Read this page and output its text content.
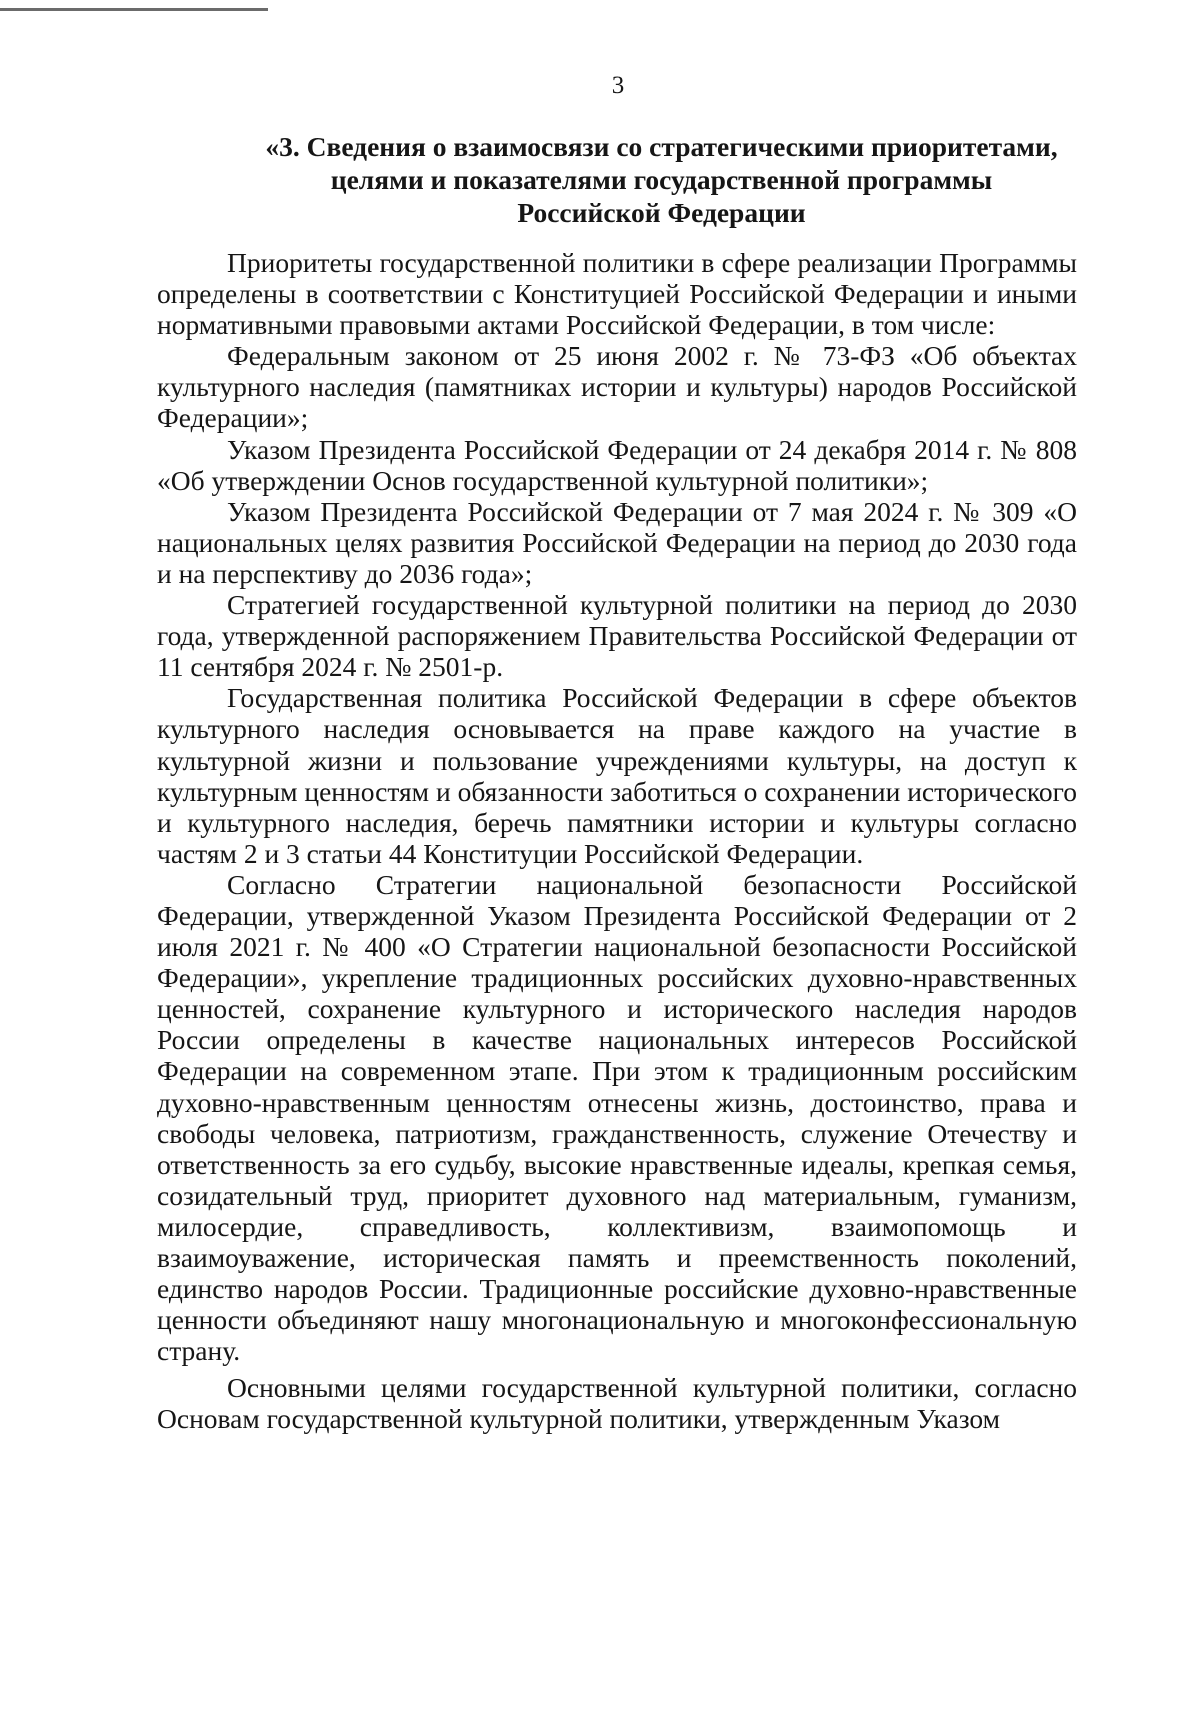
3
«3. Сведения о взаимосвязи со стратегическими приоритетами,
целями и показателями государственной программы
Российской Федерации

Приоритеты государственной политики в сфере реализации Программы определены в соответствии с Конституцией Российской Федерации и иными нормативными правовыми актами Российской Федерации, в том числе:

Федеральным законом от 25 июня 2002 г. № 73-ФЗ «Об объектах культурного наследия (памятниках истории и культуры) народов Российской Федерации»;

Указом Президента Российской Федерации от 24 декабря 2014 г. № 808 «Об утверждении Основ государственной культурной политики»;

Указом Президента Российской Федерации от 7 мая 2024 г. № 309 «О национальных целях развития Российской Федерации на период до 2030 года и на перспективу до 2036 года»;

Стратегией государственной культурной политики на период до 2030 года, утвержденной распоряжением Правительства Российской Федерации от 11 сентября 2024 г. № 2501-р.

Государственная политика Российской Федерации в сфере объектов культурного наследия основывается на праве каждого на участие в культурной жизни и пользование учреждениями культуры, на доступ к культурным ценностям и обязанности заботиться о сохранении исторического и культурного наследия, беречь памятники истории и культуры согласно частям 2 и 3 статьи 44 Конституции Российской Федерации.

Согласно Стратегии национальной безопасности Российской Федерации, утвержденной Указом Президента Российской Федерации от 2 июля 2021 г. № 400 «О Стратегии национальной безопасности Российской Федерации», укрепление традиционных российских духовно-нравственных ценностей, сохранение культурного и исторического наследия народов России определены в качестве национальных интересов Российской Федерации на современном этапе. При этом к традиционным российским духовно-нравственным ценностям отнесены жизнь, достоинство, права и свободы человека, патриотизм, гражданственность, служение Отечеству и ответственность за его судьбу, высокие нравственные идеалы, крепкая семья, созидательный труд, приоритет духовного над материальным, гуманизм, милосердие, справедливость, коллективизм, взаимопомощь и взаимоуважение, историческая память и преемственность поколений, единство народов России. Традиционные российские духовно-нравственные ценности объединяют нашу многонациональную и многоконфессиональную страну.

Основными целями государственной культурной политики, согласно Основам государственной культурной политики, утвержденным Указом
